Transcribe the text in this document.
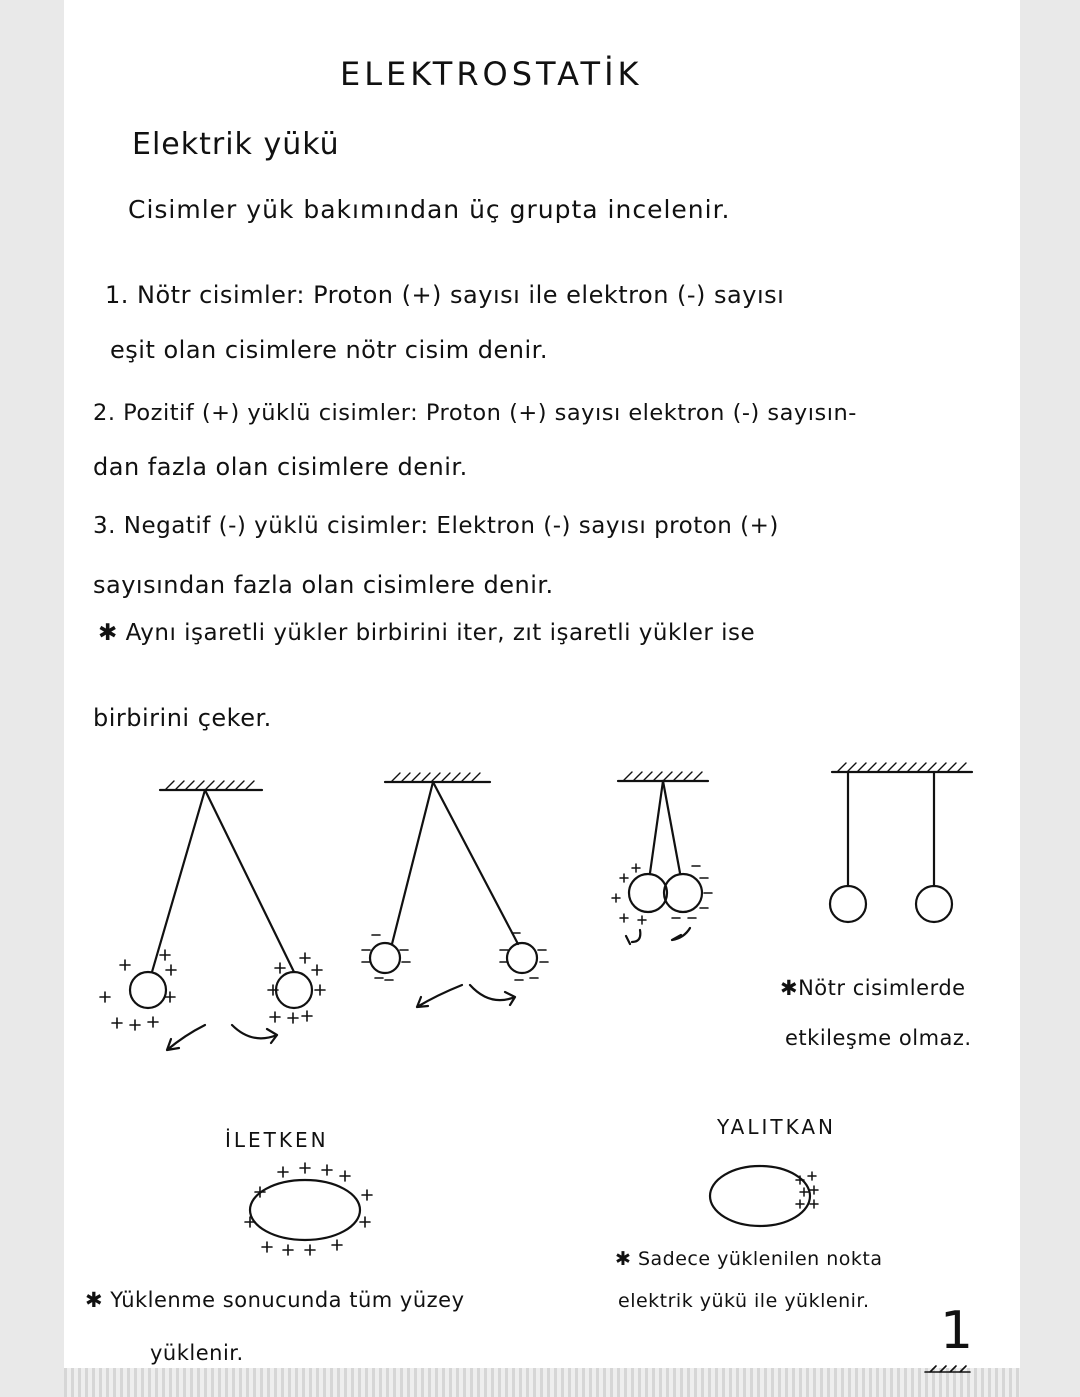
ELEKTROSTATİK
Elektrik yükü
Cisimler yük bakımından üç grupta incelenir.
1. Nötr cisimler: Proton (+) sayısı ile elektron (-) sayısı
eşit olan cisimlere nötr cisim denir.
2. Pozitif (+) yüklü cisimler: Proton (+) sayısı elektron (-) sayısın-
dan fazla olan cisimlere denir.
3. Negatif (-) yüklü cisimler: Elektron (-) sayısı proton (+)
sayısından fazla olan cisimlere denir.
✱ Aynı işaretli yükler birbirini iter, zıt işaretli yükler ise
birbirini çeker.
✱Nötr cisimlerde
etkileşme olmaz.
İLETKEN
YALITKAN
✱ Yüklenme sonucunda tüm yüzey
yüklenir.
✱ Sadece yüklenilen nokta
elektrik yükü ile yüklenir. 1
